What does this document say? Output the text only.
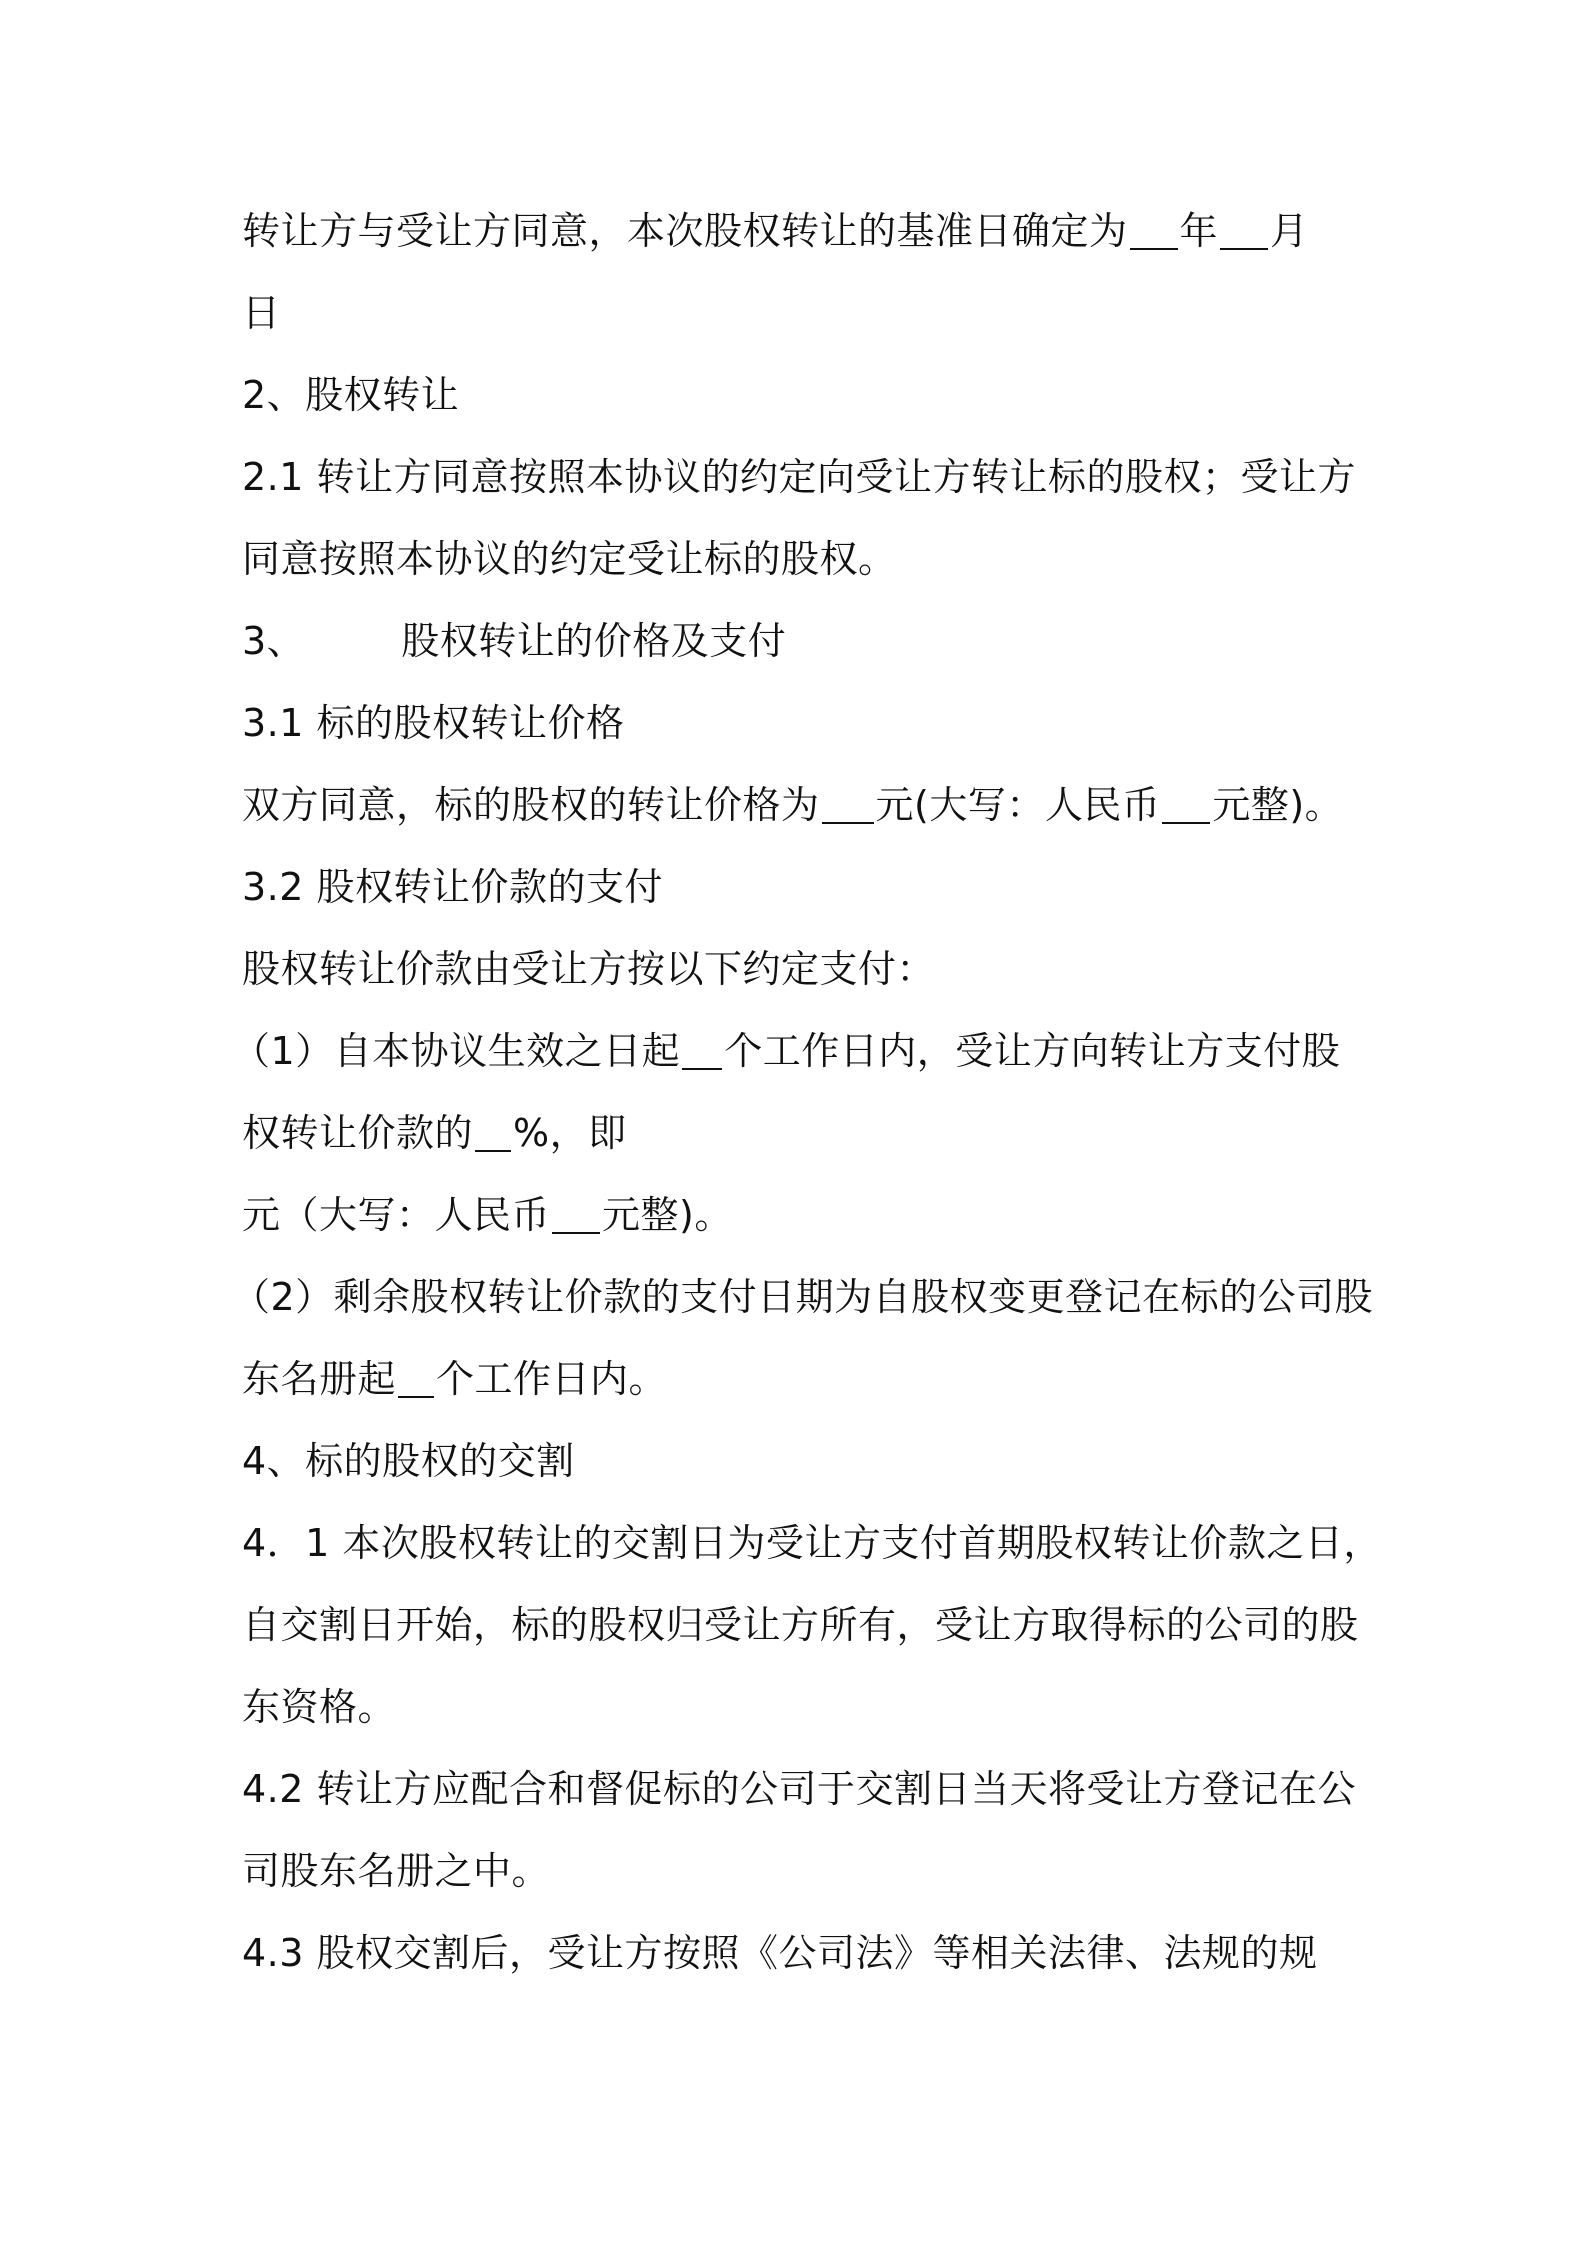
转让方与受让方同意，本次股权转让的基准日确定为 年 月
日
2、股权转让
2.1 转让方同意按照本协议的约定向受让方转让标的股权；受让方
同意按照本协议的约定受让标的股权。
3、	股权转让的价格及支付
3.1 标的股权转让价格
双方同意，标的股权的转让价格为 元(大写：人民币 元整)。
3.2 股权转让价款的支付
股权转让价款由受让方按以下约定支付：
（1）自本协议生效之日起 个工作日内，受让方向转让方支付股
权转让价款的 %，即
元（大写：人民币 元整)。
（2）剩余股权转让价款的支付日期为自股权变更登记在标的公司股
东名册起 个工作日内。
4、标的股权的交割
4．1 本次股权转让的交割日为受让方支付首期股权转让价款之日，
自交割日开始，标的股权归受让方所有，受让方取得标的公司的股
东资格。
4.2 转让方应配合和督促标的公司于交割日当天将受让方登记在公
司股东名册之中。
4.3 股权交割后，受让方按照《公司法》等相关法律、法规的规
